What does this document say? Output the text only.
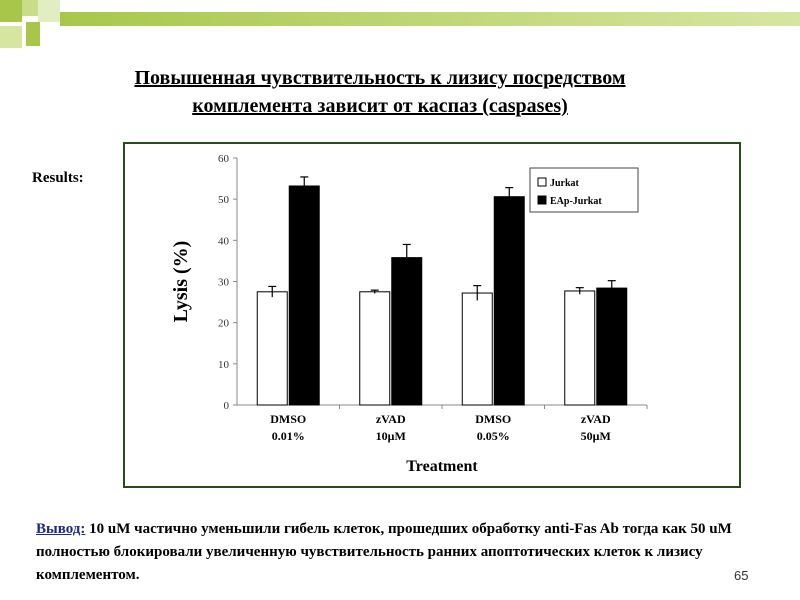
Повышенная чувствительность к лизису посредством
комплемента зависит от каспаз (caspases)
Results:
0
10
20
30
40
50
60
DMSO
0.01%
zVAD
10μM
DMSO
0.05%
zVAD
50μM
Treatment
Lysis (%)
Jurkat
EAp-Jurkat
Вывод: 10 uM частично уменьшили гибель клеток, прошедших обработку anti-Fas Ab тогда как 50 uM полностью блокировали увеличенную чувствительность ранних апоптотических клеток к лизису комплементом.	65
